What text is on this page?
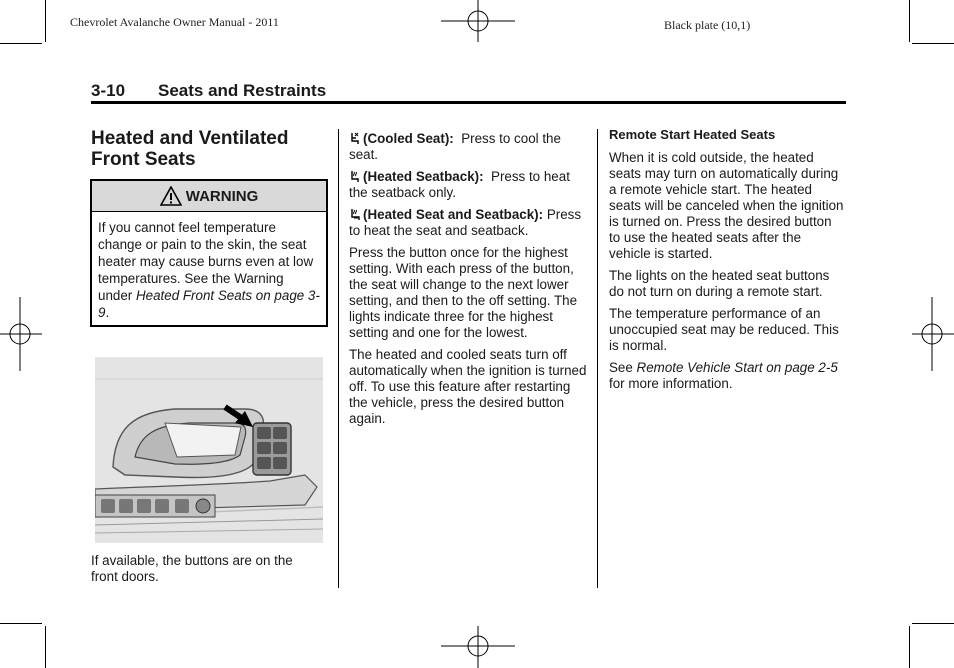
Chevrolet Avalanche Owner Manual - 2011	Black plate (10,1)
3-10 Seats and Restraints
Heated and Ventilated
Front Seats
WARNING
If you cannot feel temperature change or pain to the skin, the seat heater may cause burns even at low temperatures. See the Warning under Heated Front Seats on page 3-9.
If available, the buttons are on the front doors.

(Cooled Seat): Press to cool the seat.

(Heated Seatback): Press to heat the seatback only.

(Heated Seat and Seatback): Press to heat the seat and seatback.

Press the button once for the highest setting. With each press of the button, the seat will change to the next lower setting, and then to the off setting. The lights indicate three for the highest setting and one for the lowest.

The heated and cooled seats turn off automatically when the ignition is turned off. To use this feature after restarting the vehicle, press the desired button again.

Remote Start Heated Seats

When it is cold outside, the heated seats may turn on automatically during a remote vehicle start. The heated seats will be canceled when the ignition is turned on. Press the desired button to use the heated seats after the vehicle is started.

The lights on the heated seat buttons do not turn on during a remote start.

The temperature performance of an unoccupied seat may be reduced. This is normal.

See Remote Vehicle Start on page 2-5 for more information.
